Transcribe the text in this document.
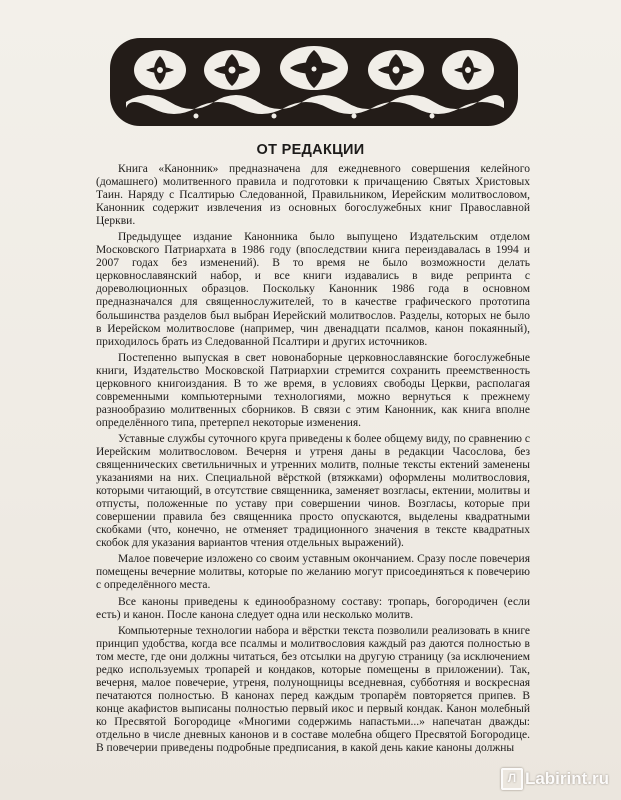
ОТ РЕДАКЦИИ

Книга «Канонник» предназначена для ежедневного совершения келейного (домашнего) молитвенного правила и подготовки к причащению Святых Христовых Таин. Наряду с Псалтирью Следованной, Правильником, Иерейским молитвословом, Канонник содержит извлечения из основных богослужебных книг Православной Церкви.

Предыдущее издание Канонника было выпущено Издательским отделом Московского Патриархата в 1986 году (впоследствии книга переиздавалась в 1994 и 2007 годах без изменений). В то время не было возможности делать церковнославянский набор, и все книги издавались в виде репринта с дореволюционных образцов. Поскольку Канонник 1986 года в основном предназначался для священнослужителей, то в качестве графического прототипа большинства разделов был выбран Иерейский молитвослов. Разделы, которых не было в Иерейском молитвослове (например, чин двенадцати псалмов, канон покаянный), приходилось брать из Следованной Псалтири и других источников.

Постепенно выпуская в свет новонаборные церковнославянские богослужебные книги, Издательство Московской Патриархии стремится сохранить преемственность церковного книгоиздания. В то же время, в условиях свободы Церкви, располагая современными компьютерными технологиями, можно вернуться к прежнему разнообразию молитвенных сборников. В связи с этим Канонник, как книга вполне определённого типа, претерпел некоторые изменения.

Уставные службы суточного круга приведены к более общему виду, по сравнению с Иерейским молитвословом. Вечерня и утреня даны в редакции Часослова, без священнических светильничных и утренних молитв, полные тексты ектений заменены указаниями на них. Специальной вёрсткой (втяжками) оформлены молитвословия, которыми читающий, в отсутствие священника, заменяет возгласы, ектении, молитвы и отпусты, положенные по уставу при совершении чинов. Возгласы, которые при совершении правила без священника просто опускаются, выделены квадратными скобками (что, конечно, не отменяет традиционного значения в тексте квадратных скобок для указания вариантов чтения отдельных выражений).

Малое повечерие изложено со своим уставным окончанием. Сразу после повечерия помещены вечерние молитвы, которые по желанию могут присоединяться к повечерию с определённого места.

Все каноны приведены к единообразному составу: тропарь, богородичен (если есть) и канон. После канона следует одна или несколько молитв.

Компьютерные технологии набора и вёрстки текста позволили реализовать в книге принцип удобства, когда все псалмы и молитвословия каждый раз даются полностью в том месте, где они должны читаться, без отсылки на другую страницу (за исключением редко используемых тропарей и кондаков, которые помещены в приложении). Так, вечерня, малое повечерие, утреня, полунощницы вседневная, субботняя и воскресная печатаются полностью. В канонах перед каждым тропарём повторяется припев. В конце акафистов выписаны полностью первый икос и первый кондак. Канон молебный ко Пресвятой Богородице «Многими содержимь напастьми...» напечатан дважды: отдельно в числе дневных канонов и в составе молебна общего Пресвятой Богородице. В повечерии приведены подробные предписания, в какой день какие каноны должны

Л Labirint.ru
